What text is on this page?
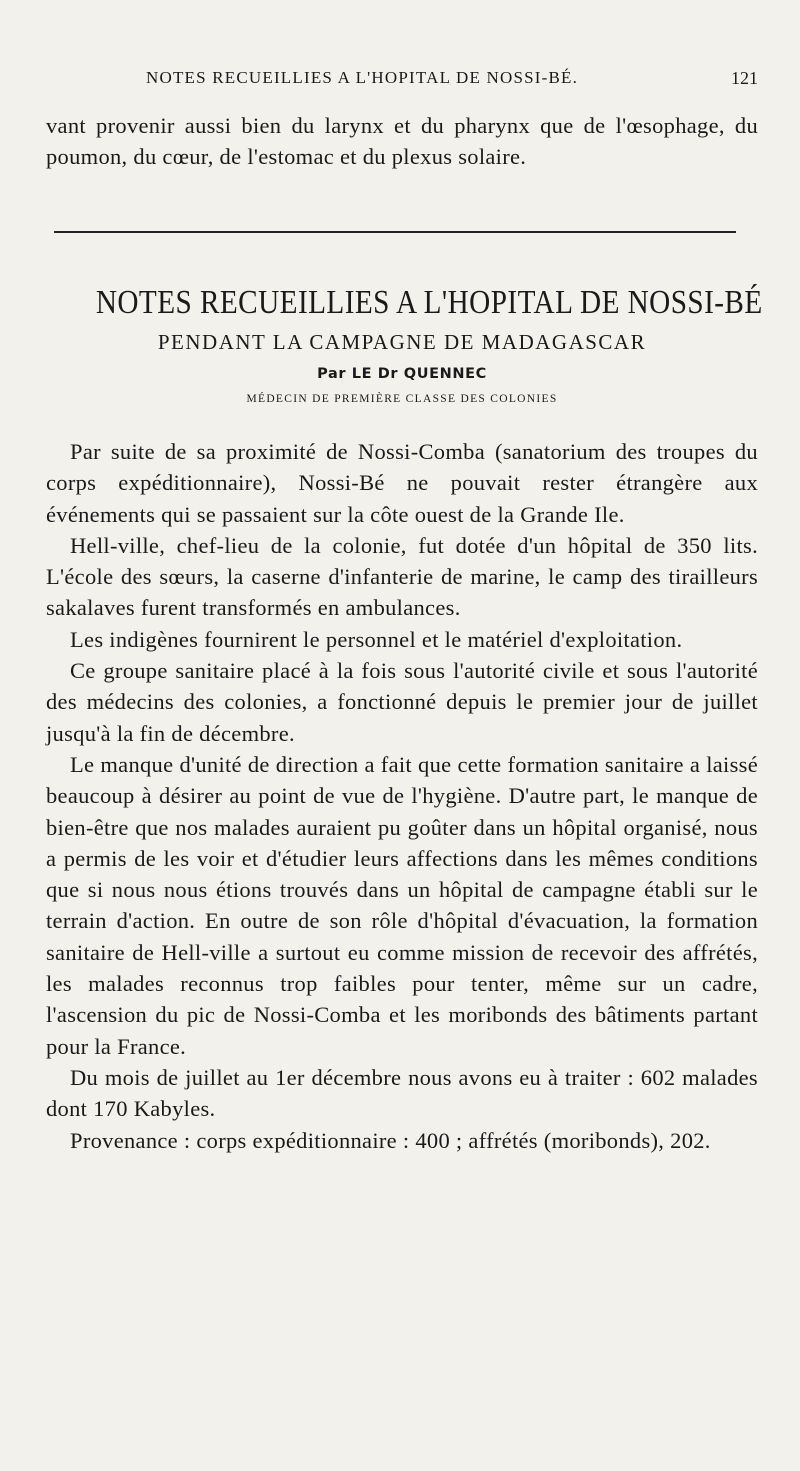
NOTES RECUEILLIES A L'HOPITAL DE NOSSI-BÉ.	121
vant provenir aussi bien du larynx et du pharynx que de l'œsophage, du poumon, du cœur, de l'estomac et du plexus solaire.
NOTES RECUEILLIES A L'HOPITAL DE NOSSI-BÉ
PENDANT LA CAMPAGNE DE MADAGASCAR
Par LE Dr QUENNEC
MÉDECIN DE PREMIÈRE CLASSE DES COLONIES

Par suite de sa proximité de Nossi-Comba (sanatorium des troupes du corps expéditionnaire), Nossi-Bé ne pouvait rester étrangère aux événements qui se passaient sur la côte ouest de la Grande Ile.

Hell-ville, chef-lieu de la colonie, fut dotée d'un hôpital de 350 lits. L'école des sœurs, la caserne d'infanterie de marine, le camp des tirailleurs sakalaves furent transformés en ambulances.

Les indigènes fournirent le personnel et le matériel d'exploitation.

Ce groupe sanitaire placé à la fois sous l'autorité civile et sous l'autorité des médecins des colonies, a fonctionné depuis le premier jour de juillet jusqu'à la fin de décembre.

Le manque d'unité de direction a fait que cette formation sanitaire a laissé beaucoup à désirer au point de vue de l'hygiène. D'autre part, le manque de bien-être que nos malades auraient pu goûter dans un hôpital organisé, nous a permis de les voir et d'étudier leurs affections dans les mêmes conditions que si nous nous étions trouvés dans un hôpital de campagne établi sur le terrain d'action. En outre de son rôle d'hôpital d'évacuation, la formation sanitaire de Hell-ville a surtout eu comme mission de recevoir des affrétés, les malades reconnus trop faibles pour tenter, même sur un cadre, l'ascension du pic de Nossi-Comba et les moribonds des bâtiments partant pour la France.

Du mois de juillet au 1er décembre nous avons eu à traiter : 602 malades dont 170 Kabyles.

Provenance : corps expéditionnaire : 400 ; affrétés (moribonds), 202.
